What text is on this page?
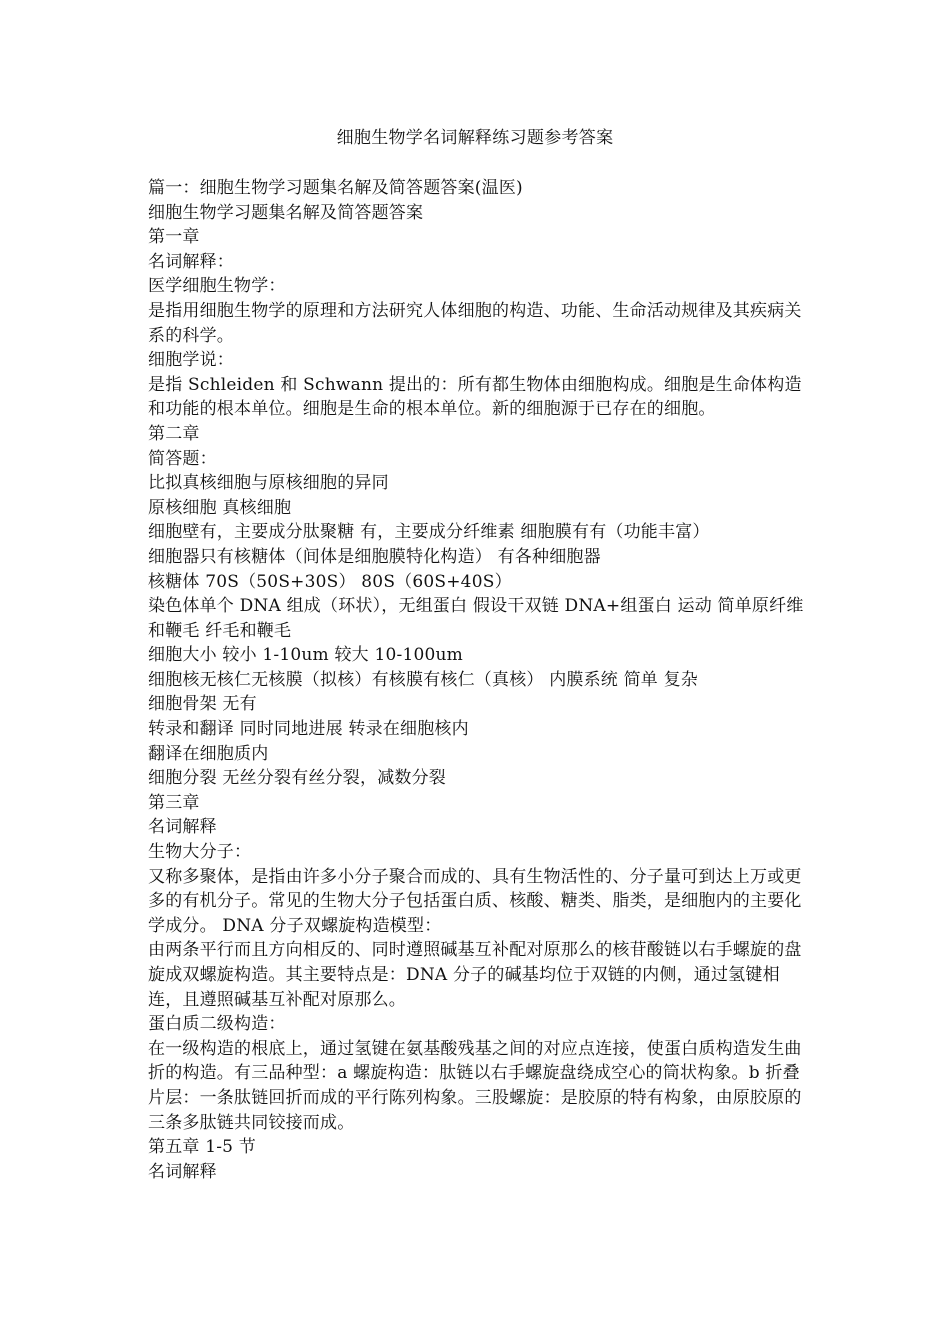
细胞生物学名词解释练习题参考答案

篇一：细胞生物学习题集名解及简答题答案(温医)

细胞生物学习题集名解及简答题答案

第一章

名词解释：

医学细胞生物学：

是指用细胞生物学的原理和方法研究人体细胞的构造、功能、生命活动规律及其疾病关系的科学。

细胞学说：

是指 Schleiden 和 Schwann 提出的：所有都生物体由细胞构成。细胞是生命体构造和功能的根本单位。细胞是生命的根本单位。新的细胞源于已存在的细胞。

第二章

简答题：

比拟真核细胞与原核细胞的异同

原核细胞 真核细胞

细胞壁有，主要成分肽聚糖 有，主要成分纤维素 细胞膜有有（功能丰富）

细胞器只有核糖体（间体是细胞膜特化构造） 有各种细胞器

核糖体 70S（50S+30S） 80S（60S+40S）

染色体单个 DNA 组成（环状），无组蛋白 假设干双链 DNA+组蛋白 运动 简单原纤维和鞭毛 纤毛和鞭毛

细胞大小 较小 1-10um 较大 10-100um

细胞核无核仁无核膜（拟核）有核膜有核仁（真核） 内膜系统 简单 复杂

细胞骨架 无有

转录和翻译 同时同地进展 转录在细胞核内

翻译在细胞质内

细胞分裂 无丝分裂有丝分裂，减数分裂

第三章

名词解释

生物大分子：

又称多聚体，是指由许多小分子聚合而成的、具有生物活性的、分子量可到达上万或更多的有机分子。常见的生物大分子包括蛋白质、核酸、糖类、脂类，是细胞内的主要化学成分。 DNA 分子双螺旋构造模型：

由两条平行而且方向相反的、同时遵照碱基互补配对原那么的核苷酸链以右手螺旋的盘旋成双螺旋构造。其主要特点是：DNA 分子的碱基均位于双链的内侧，通过氢键相连，且遵照碱基互补配对原那么。

蛋白质二级构造：

在一级构造的根底上，通过氢键在氨基酸残基之间的对应点连接，使蛋白质构造发生曲折的构造。有三品种型：a 螺旋构造：肽链以右手螺旋盘绕成空心的筒状构象。b 折叠片层：一条肽链回折而成的平行陈列构象。三股螺旋：是胶原的特有构象，由原胶原的三条多肽链共同铰接而成。

第五章 1-5 节

名词解释
